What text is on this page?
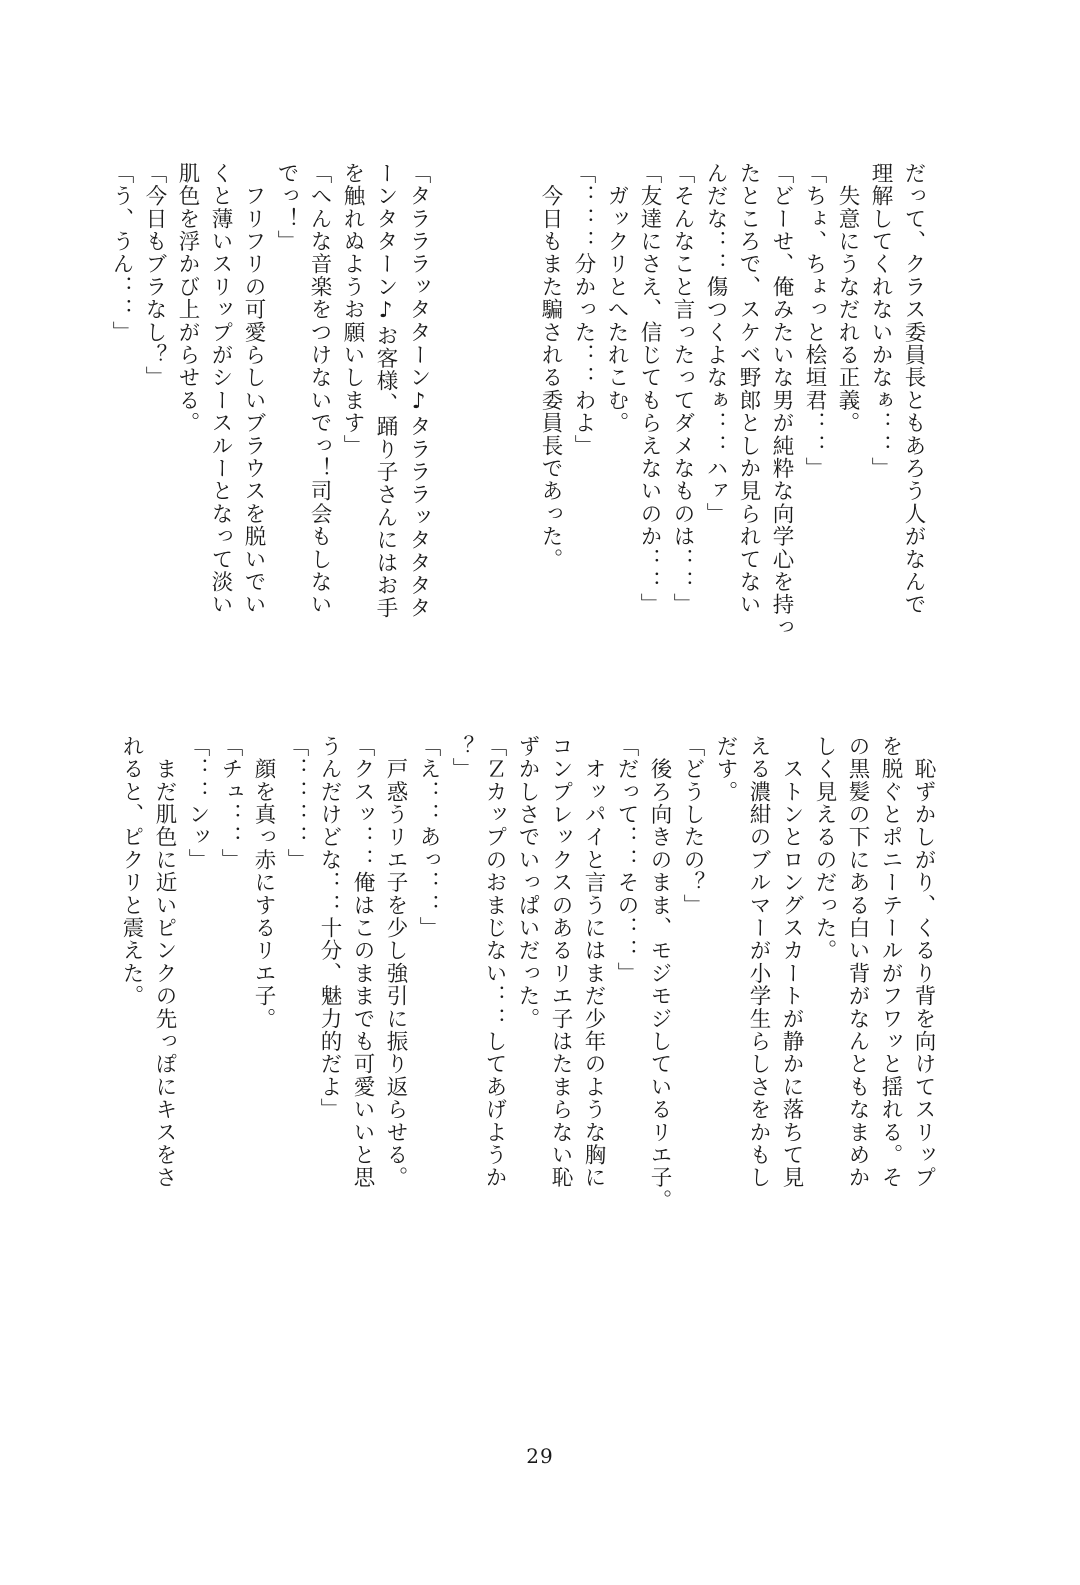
だって、クラス委員長ともあろう人がなんで
理解してくれないかなぁ：：」
　失意にうなだれる正義。
「ちょ、ちょっと桧垣君：：」
「どーせ、俺みたいな男が純粋な向学心を持っ
たところで、スケベ野郎としか見られてない
んだな：：傷つくよなぁ：：ハァ」
「そんなこと言ったってダメなものは：：」
「友達にさえ、信じてもらえないのか：：」
　ガックリとへたれこむ。
「：：：分かった：：わよ」
　今日もまた騙される委員長であった。

「タラララッタターン♪タラララッタタタタ
ーンタターン♪お客様、踊り子さんにはお手
を触れぬようお願いします」
「へんな音楽をつけないでっ！司会もしない
でっ！」
　フリフリの可愛らしいブラウスを脱いでい
くと薄いスリップがシースルーとなって淡い
肌色を浮かび上がらせる。
「今日もブラなし？」
「う、うん：：」
　恥ずかしがり、くるり背を向けてスリップ
を脱ぐとポニーテールがフワッと揺れる。そ
の黒髪の下にある白い背がなんともなまめか
しく見えるのだった。
　ストンとロングスカートが静かに落ちて見
える濃紺のブルマーが小学生らしさをかもし
だす。
「どうしたの？」
　後ろ向きのまま、モジモジしているリエ子。
「だって：：その：：」
　オッパイと言うにはまだ少年のような胸に
コンプレックスのあるリエ子はたまらない恥
ずかしさでいっぱいだった。
「Ｚカップのおまじない：：してあげようか
？」
「え：：あっ：：」
　戸惑うリエ子を少し強引に振り返らせる。
「クスッ：：俺はこのままでも可愛いいと思
うんだけどな：：十分、魅力的だよ」
「：：：：」
　顔を真っ赤にするリエ子。
「チュ：：」
「：：ンッ」
　まだ肌色に近いピンクの先っぽにキスをさ
れると、ピクリと震えた。
29
